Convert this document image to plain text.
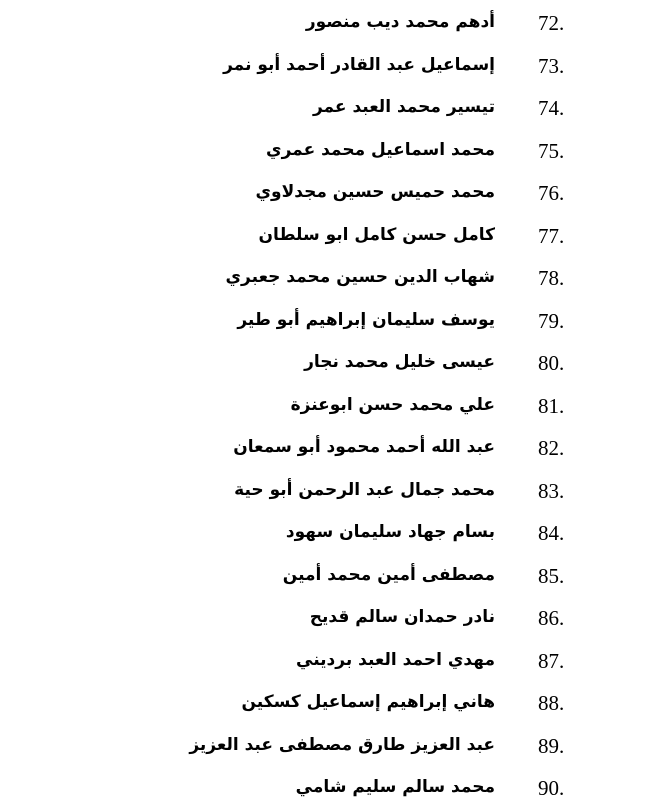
72.
أدهم محمد ديب منصور
73.
إسماعيل عبد القادر أحمد أبو نمر
74.
تيسير محمد العبد عمر
75.
محمد اسماعيل محمد عمري
76.
محمد حميس حسين مجدلاوي
77.
كامل حسن كامل ابو سلطان
78.
شهاب الدين حسين محمد جعبري
79.
يوسف سليمان إبراهيم أبو طير
80.
عيسى خليل محمد نجار
81.
علي محمد حسن ابوعنزة
82.
عبد الله أحمد محمود أبو سمعان
83.
محمد جمال عبد الرحمن أبو حية
84.
بسام جهاد سليمان سهود
85.
مصطفى أمين محمد أمين
86.
نادر حمدان سالم قديح
87.
مهدي احمد العبد برديني
88.
هاني إبراهيم إسماعيل كسكين
89.
عبد العزيز طارق مصطفى عبد العزيز
90.
محمد سالم سليم شامي
